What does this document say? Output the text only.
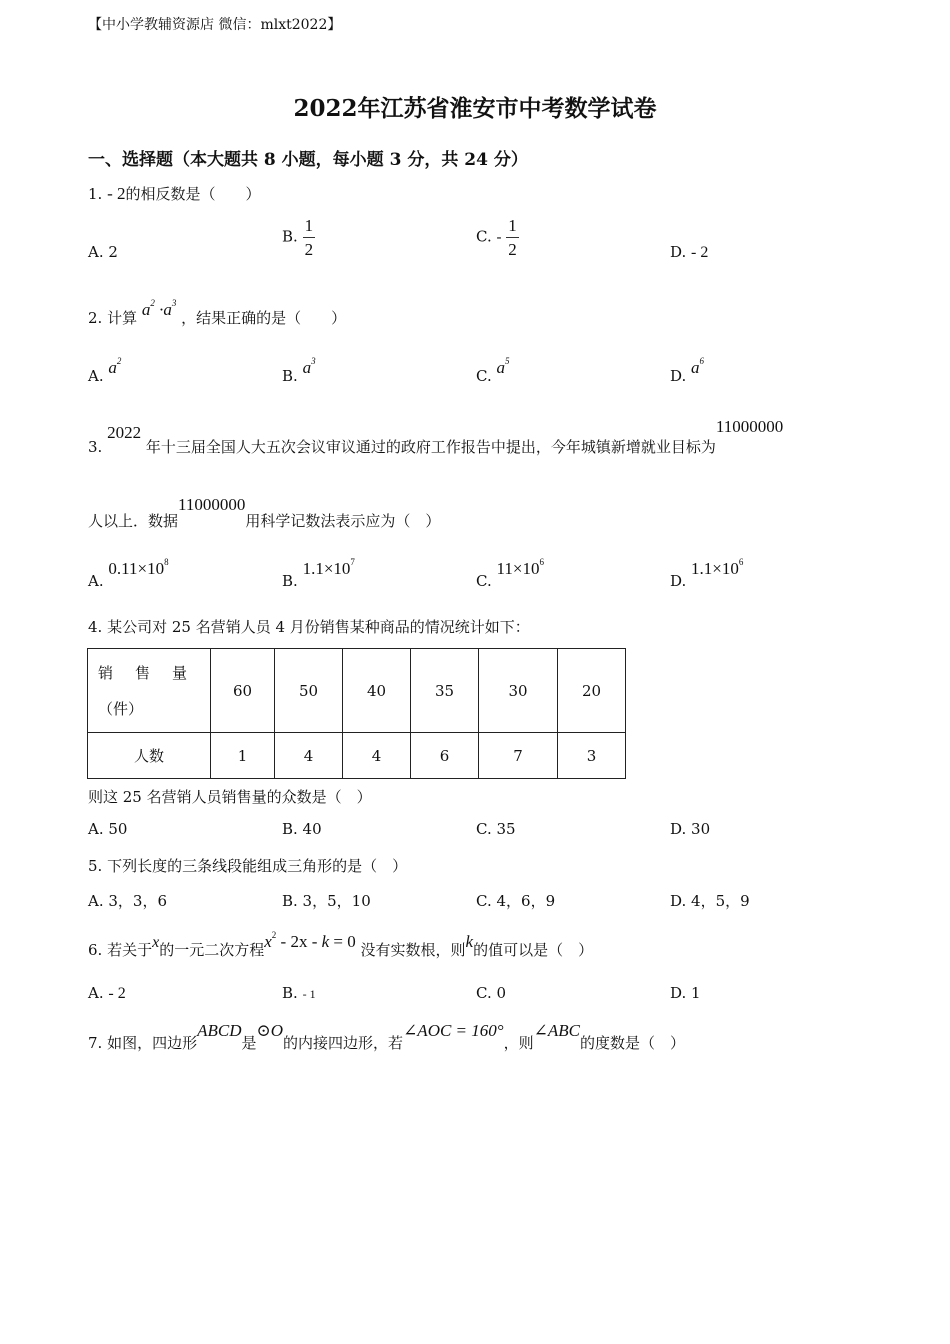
【中小学教辅资源店 微信：mlxt2022】
2022年江苏省淮安市中考数学试卷
一、选择题（本大题共 8 小题，每小题 3 分，共 24 分）
1. - 2的相反数是（　　）
A. 2
B. $\frac{1}{2}$	C. - $\frac{1}{2}$	D. - 2
2. 计算 $a^2 \cdot a^3$ ，结果正确的是（　　）
A. $a^2$
B. $a^3$
C. $a^5$
D. $a^6$
3. 2022 年十三届全国人大五次会议审议通过的政府工作报告中提出，今年城镇新增就业目标为11000000
人以上．数据11000000用科学记数法表示应为（　）
A. $0.11\times 10^8$
B. $1.1\times 10^7$
C. $11\times 10^6$
D. $1.1\times 10^6$
4. 某公司对 25 名营销人员 4 月份销售某种商品的情况统计如下：
销售量
（件）	60	50	40	35	30	20
人数	1	4	4	6	7	3
则这 25 名营销人员销售量的众数是（　）
A. 50	B. 40	C. 35	D. 30
5. 下列长度的三条线段能组成三角形的是（　）
A. 3，3，6	B. 3，5，10	C. 4，6，9	D. 4，5，9
6. 若关于x的一元二次方程$x^2 - 2x - k = 0$ 没有实数根，则k的值可以是（　）
A. - 2	B. - 1	C. 0	D. 1
7. 如图，四边形ABCD是⊙O的内接四边形，若∠AOC = 160°，则∠ABC的度数是（　）
